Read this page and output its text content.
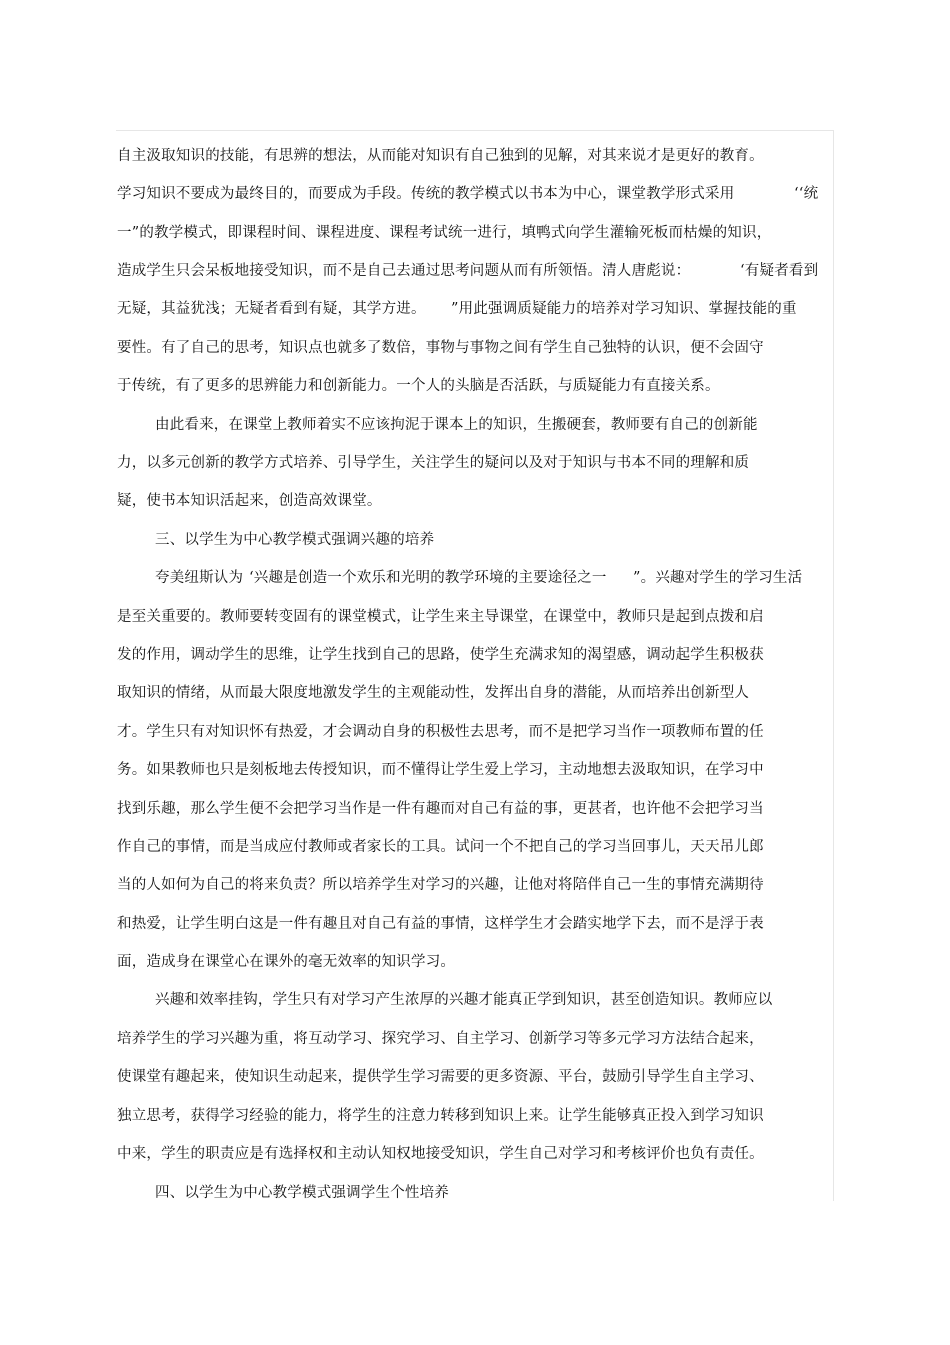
自主汲取知识的技能，有思辨的想法，从而能对知识有自己独到的见解，对其来说才是更好的教育。
学习知识不要成为最终目的，而要成为手段。传统的教学模式以书本为中心，课堂教学形式采用	‘‘统
一”的教学模式，即课程时间、课程进度、课程考试统一进行，填鸭式向学生灌输死板而枯燥的知识，
造成学生只会呆板地接受知识，而不是自己去通过思考问题从而有所领悟。清人唐彪说：	‘有疑者看到
无疑，其益犹浅；无疑者看到有疑，其学方进。 ”用此强调质疑能力的培养对学习知识、掌握技能的重
要性。有了自己的思考，知识点也就多了数倍，事物与事物之间有学生自己独特的认识，便不会固守
于传统，有了更多的思辨能力和创新能力。一个人的头脑是否活跃，与质疑能力有直接关系。
由此看来，在课堂上教师着实不应该拘泥于课本上的知识，生搬硬套，教师要有自己的创新能
力，以多元创新的教学方式培养、引导学生，关注学生的疑问以及对于知识与书本不同的理解和质
疑，使书本知识活起来，创造高效课堂。
三、以学生为中心教学模式强调兴趣的培养
夸美纽斯认为 ‘兴趣是创造一个欢乐和光明的教学环境的主要途径之一 ”。兴趣对学生的学习生活
是至关重要的。教师要转变固有的课堂模式，让学生来主导课堂，在课堂中，教师只是起到点拨和启
发的作用，调动学生的思维，让学生找到自己的思路，使学生充满求知的渴望感，调动起学生积极获
取知识的情绪，从而最大限度地激发学生的主观能动性，发挥出自身的潜能，从而培养出创新型人
才。学生只有对知识怀有热爱，才会调动自身的积极性去思考，而不是把学习当作一项教师布置的任
务。如果教师也只是刻板地去传授知识，而不懂得让学生爱上学习，主动地想去汲取知识，在学习中
找到乐趣，那么学生便不会把学习当作是一件有趣而对自己有益的事，更甚者，也许他不会把学习当
作自己的事情，而是当成应付教师或者家长的工具。试问一个不把自己的学习当回事儿，天天吊儿郎
当的人如何为自己的将来负责？所以培养学生对学习的兴趣，让他对将陪伴自己一生的事情充满期待
和热爱，让学生明白这是一件有趣且对自己有益的事情，这样学生才会踏实地学下去，而不是浮于表
面，造成身在课堂心在课外的毫无效率的知识学习。
兴趣和效率挂钩，学生只有对学习产生浓厚的兴趣才能真正学到知识，甚至创造知识。教师应以
培养学生的学习兴趣为重，将互动学习、探究学习、自主学习、创新学习等多元学习方法结合起来，
使课堂有趣起来，使知识生动起来，提供学生学习需要的更多资源、平台，鼓励引导学生自主学习、
独立思考，获得学习经验的能力，将学生的注意力转移到知识上来。让学生能够真正投入到学习知识
中来，学生的职责应是有选择权和主动认知权地接受知识，学生自己对学习和考核评价也负有责任。
四、以学生为中心教学模式强调学生个性培养
